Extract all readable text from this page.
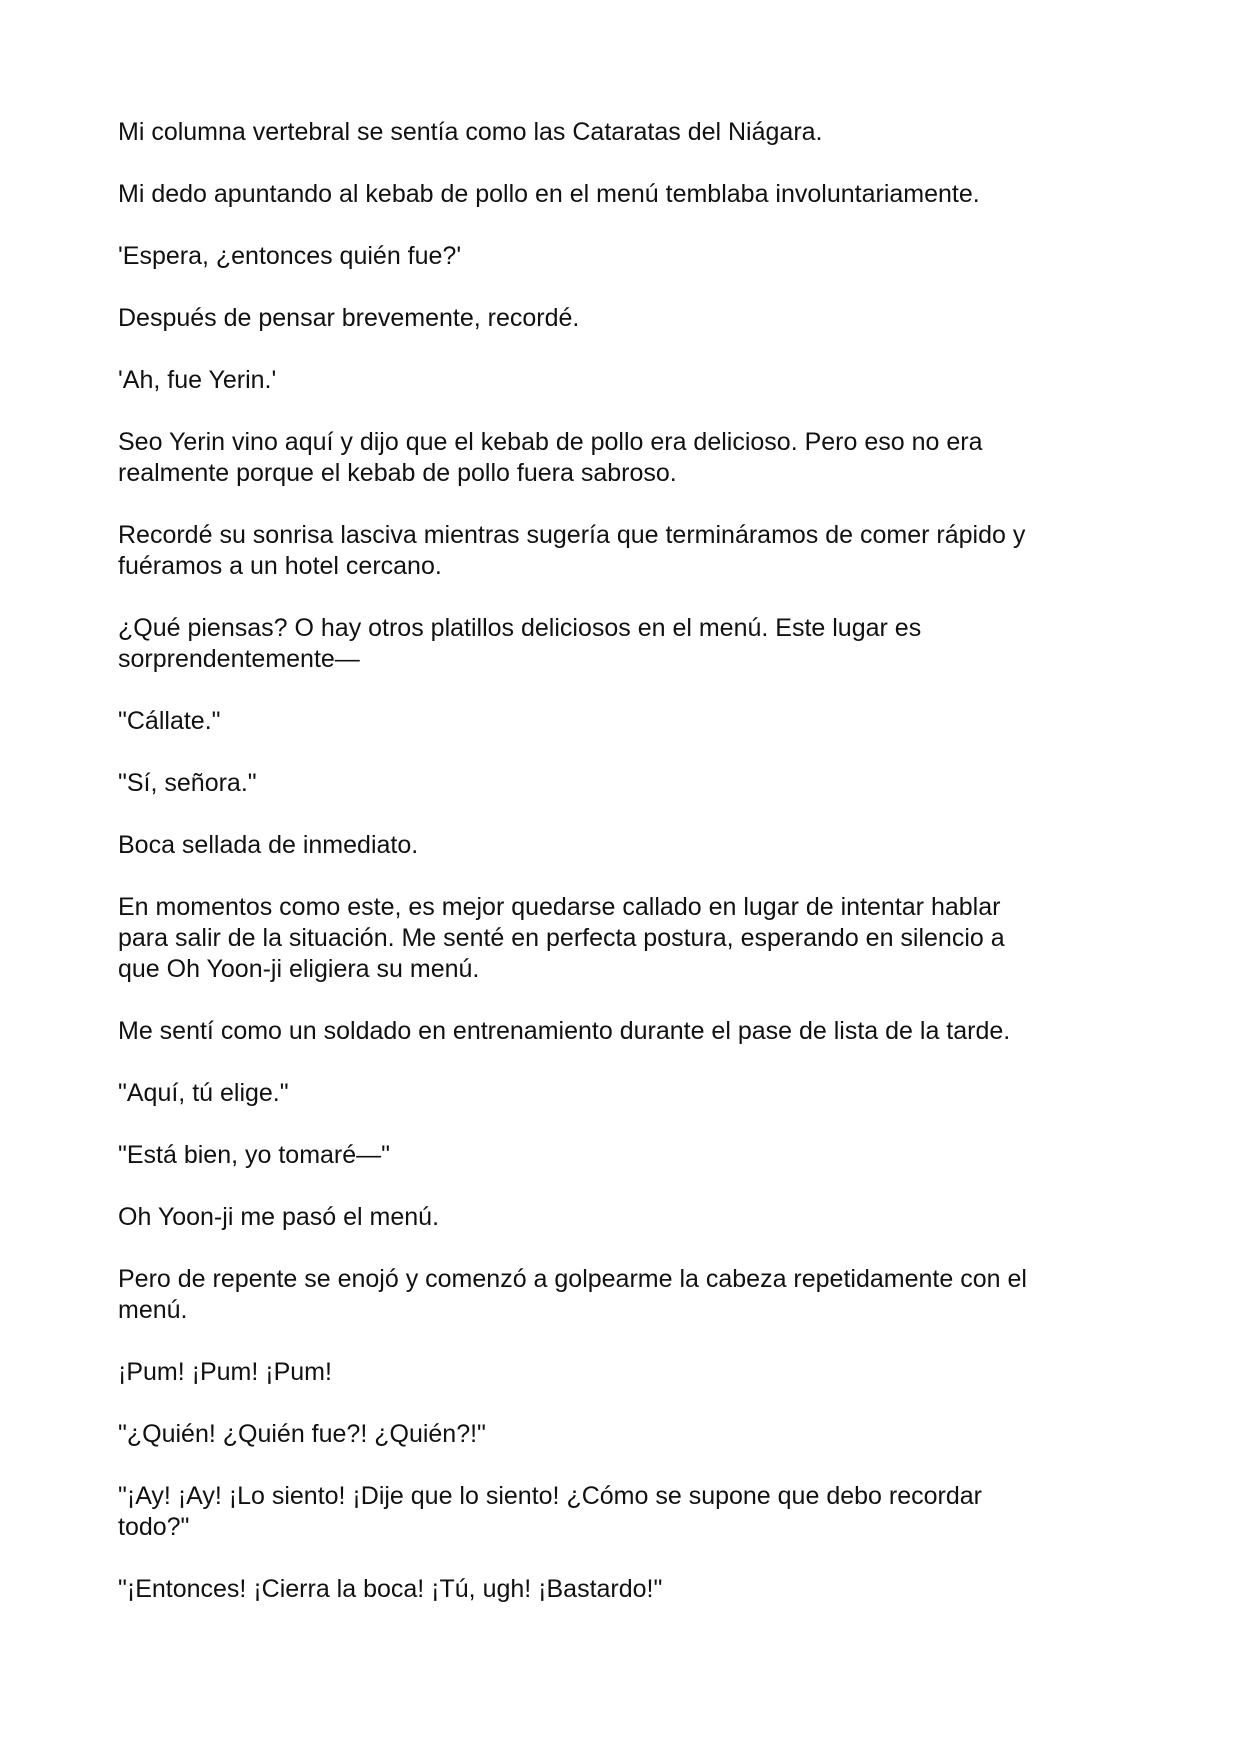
Mi columna vertebral se sentía como las Cataratas del Niágara.

Mi dedo apuntando al kebab de pollo en el menú temblaba involuntariamente.

'Espera, ¿entonces quién fue?'

Después de pensar brevemente, recordé.

'Ah, fue Yerin.'

Seo Yerin vino aquí y dijo que el kebab de pollo era delicioso. Pero eso no era
realmente porque el kebab de pollo fuera sabroso.

Recordé su sonrisa lasciva mientras sugería que termináramos de comer rápido y
fuéramos a un hotel cercano.

¿Qué piensas? O hay otros platillos deliciosos en el menú. Este lugar es
sorprendentemente—

"Cállate."

"Sí, señora."

Boca sellada de inmediato.

En momentos como este, es mejor quedarse callado en lugar de intentar hablar
para salir de la situación. Me senté en perfecta postura, esperando en silencio a
que Oh Yoon-ji eligiera su menú.

Me sentí como un soldado en entrenamiento durante el pase de lista de la tarde.

"Aquí, tú elige."

"Está bien, yo tomaré—"

Oh Yoon-ji me pasó el menú.

Pero de repente se enojó y comenzó a golpearme la cabeza repetidamente con el
menú.

¡Pum! ¡Pum! ¡Pum!

"¿Quién! ¿Quién fue?! ¿Quién?!"

"¡Ay! ¡Ay! ¡Lo siento! ¡Dije que lo siento! ¿Cómo se supone que debo recordar
todo?"

"¡Entonces! ¡Cierra la boca! ¡Tú, ugh! ¡Bastardo!"
